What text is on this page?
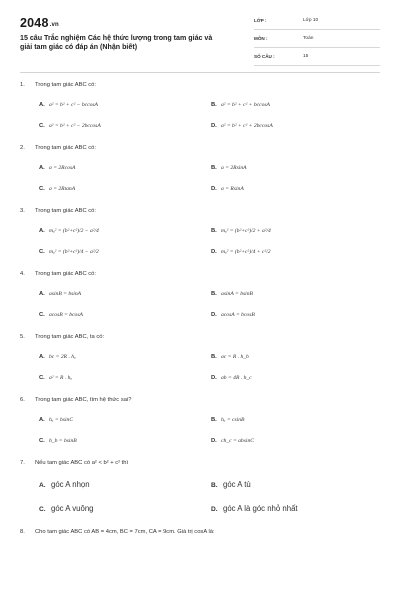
2048.vn
15 câu Trắc nghiệm Các hệ thức lượng trong tam giác và giải tam giác có đáp án (Nhận biết)
LỚP :	Lớp 10
MÔN :	Toán
SỐ CÂU :	15
1. Trong tam giác ABC có:
A. a² = b² + c² − bccosA	B. a² = b² + c² + bccosA
C. a² = b² + c² − 2bccosA	D. a² = b² + c² + 2bccosA
2. Trong tam giác ABC có:
A. a = 2RcosA	B. a = 2RsinA
C. a = 2RtanA	D. a = RsinA
3. Trong tam giác ABC có:
A. mₐ² = (b²+c²)/2 − a²/4	B. mₐ² = (b²+c²)/2 + a²/4
C. mₐ² = (b²+c²)/4 − a²/2	D. mₐ² = (b²+c²)/4 + c²/2
4. Trong tam giác ABC có:
A. asinB = bsinA	B. asinA = bsinB
C. acosB = bcosA	D. acosA = bcosB
5. Trong tam giác ABC, ta có:
A. bc = 2R . hₐ	B. ac = R . h_b
C. a² = R . hₐ	D. ab = 4R . h_c
6. Trong tam giác ABC, tìm hệ thức sai?
A. hₐ = bsinC	B. hₐ = csinB
C. h_b = bsinB	D. ch_c = absinC
7. Nếu tam giác ABC có a² < b² + c² thì
A. góc A nhọn	B. góc A tù
C. góc A vuông	D. góc A là góc nhỏ nhất
8. Cho tam giác ABC có AB = 4cm, BC = 7cm, CA = 9cm. Giá trị cosA là:
